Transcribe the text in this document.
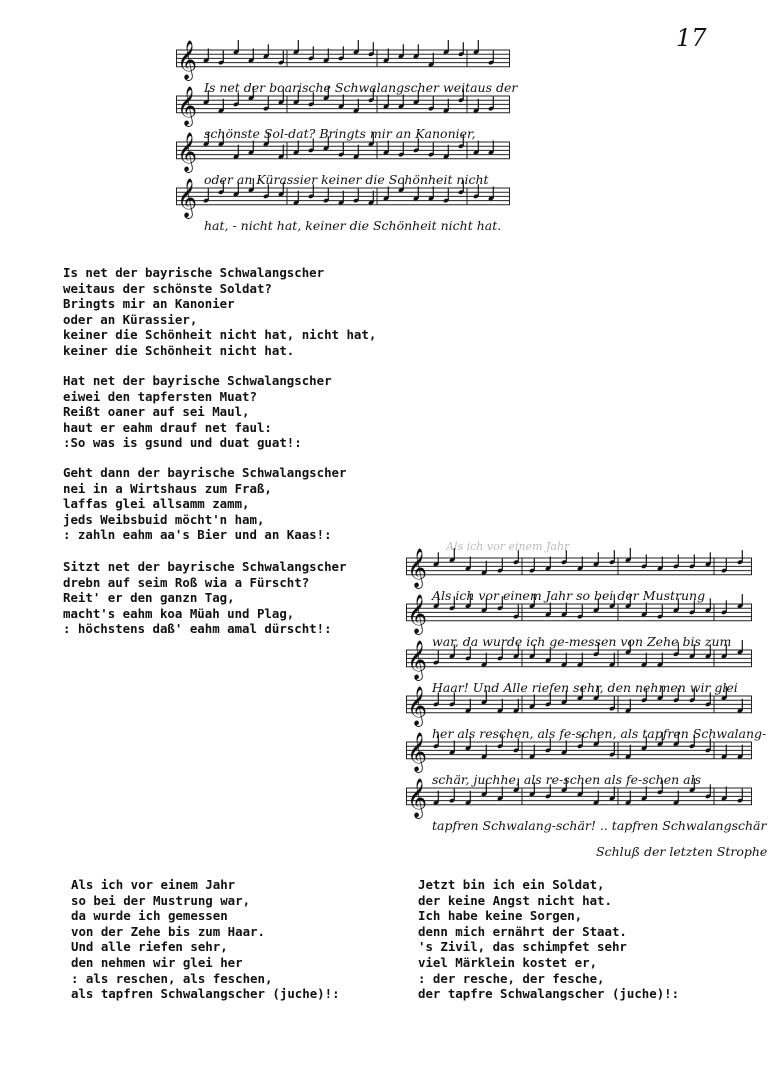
17
𝄞
Is net der boarische Schwalangscher weitaus der
𝄞
schönste Sol-dat? Bringts mir an Kanonier,
𝄞
oder an Kürassier keiner die Schönheit nicht
𝄞
hat, - nicht hat, keiner die Schönheit nicht hat.
Als ich vor einem Jahr
𝄞
Als ich vor einem Jahr so bei der Mustrung
𝄞
war, da wurde ich ge-messen von Zehe bis zum
𝄞
Haar! Und Alle riefen sehr, den nehmen wir glei
𝄞
her als reschen, als fe-schen, als tapfren Schwalang-
𝄞
schär, juchhe, als re-schen als fe-schen als
𝄞
tapfren Schwalang-schär! .. tapfren Schwalangschär
Schluß der letzten Strophe
Is net der bayrische Schwalangscher
weitaus der schönste Soldat?
Bringts mir an Kanonier
oder an Kürassier,
keiner die Schönheit nicht hat, nicht hat,
keiner die Schönheit nicht hat.
Hat net der bayrische Schwalangscher
eiwei den tapfersten Muat?
Reißt oaner auf sei Maul,
haut er eahm drauf net faul:
:So was is gsund und duat guat!:
Geht dann der bayrische Schwalangscher
nei in a Wirtshaus zum Fraß,
laffas glei allsamm zamm,
jeds Weibsbuid möcht'n ham,
: zahln eahm aa's Bier und an Kaas!:
Sitzt net der bayrische Schwalangscher
drebn auf seim Roß wia a Fürscht?
Reit' er den ganzn Tag,
macht's eahm koa Müah und Plag,
: höchstens daß' eahm amal dürscht!:
Als ich vor einem Jahr
so bei der Mustrung war,
da wurde ich gemessen
von der Zehe bis zum Haar.
Und alle riefen sehr,
den nehmen wir glei her
: als reschen, als feschen,
als tapfren Schwalangscher (juche)!:
Jetzt bin ich ein Soldat,
der keine Angst nicht hat.
Ich habe keine Sorgen,
denn mich ernährt der Staat.
's Zivil, das schimpfet sehr
viel Märklein kostet er,
: der resche, der fesche,
der tapfre Schwalangscher (juche)!:
